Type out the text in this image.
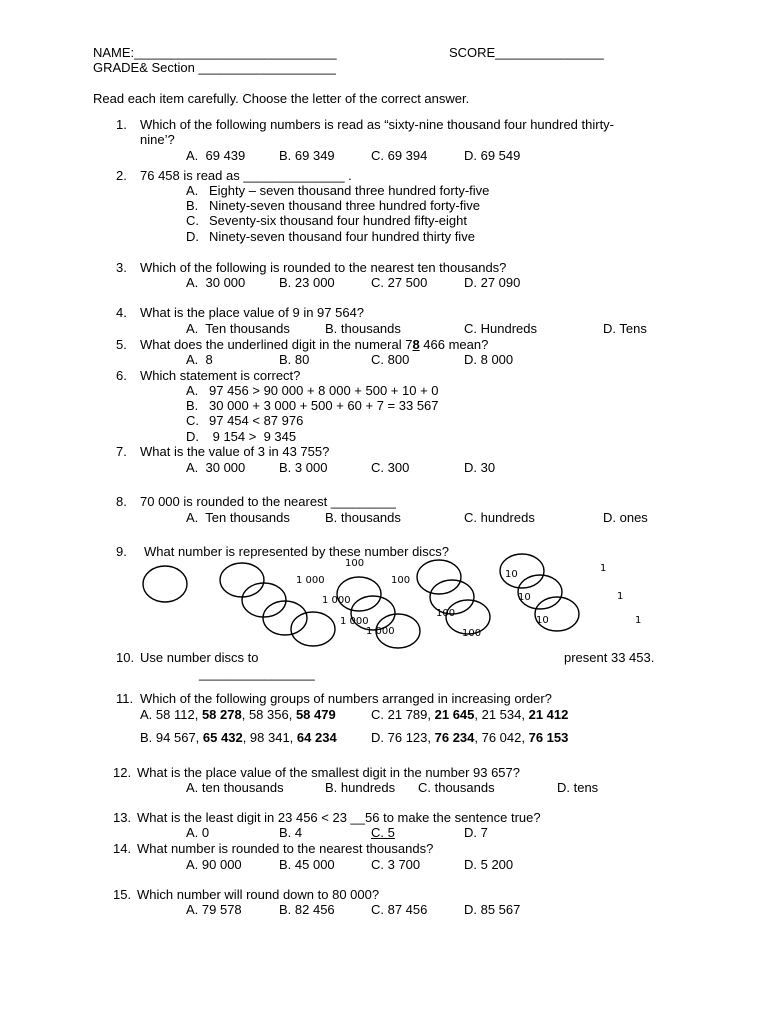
NAME:____________________________	SCORE_______________
GRADE& Section ___________________
Read each item carefully. Choose the letter of the correct answer.
1. Which of the following numbers is read as “sixty-nine thousand four hundred thirty-
nine’?
A.  69 439	B. 69 349	C. 69 394	D. 69 549
2. 76 458 is read as ______________ .
A. Eighty – seven thousand three hundred forty-five
B. Ninety-seven thousand three hundred forty-five
C. Seventy-six thousand four hundred fifty-eight
D. Ninety-seven thousand four hundred thirty five
3. Which of the following is rounded to the nearest ten thousands?
A.  30 000	B. 23 000	C. 27 500	D. 27 090
4. What is the place value of 9 in 97 564?
A.  Ten thousands	B. thousands	C. Hundreds	D. Tens
5. What does the underlined digit in the numeral 78 466 mean?
A.  8	B. 80	C. 800	D. 8 000
6. Which statement is correct?
A. 97 456 > 90 000 + 8 000 + 500 + 10 + 0
B. 30 000 + 3 000 + 500 + 60 + 7 = 33 567
C. 97 454 < 87 976
D. 9 154 >  9 345
7. What is the value of 3 in 43 755?
A.  30 000	B. 3 000	C. 300	D. 30
8. 70 000 is rounded to the nearest _________
A.  Ten thousands	B. thousands	C. hundreds	D. ones
9. What number is represented by these number discs?
1 000
100
1 000
100
1 000
1 000
100
100
10
10
10
1
1
1
10. Use number discs to	present 33 453.
________________
11. Which of the following groups of numbers arranged in increasing order?
A. 58 112, 58 278, 58 356, 58 479	C. 21 789, 21 645, 21 534, 21 412
B. 94 567, 65 432, 98 341, 64 234	D. 76 123, 76 234, 76 042, 76 153
12. What is the place value of the smallest digit in the number 93 657?
A. ten thousands	B. hundreds C. thousands	D. tens
13. What is the least digit in 23 456 < 23 __56 to make the sentence true?
A. 0	B. 4	C. 5	D. 7
14. What number is rounded to the nearest thousands?
A. 90 000	B. 45 000	C. 3 700	D. 5 200
15. Which number will round down to 80 000?
A. 79 578	B. 82 456	C. 87 456	D. 85 567
